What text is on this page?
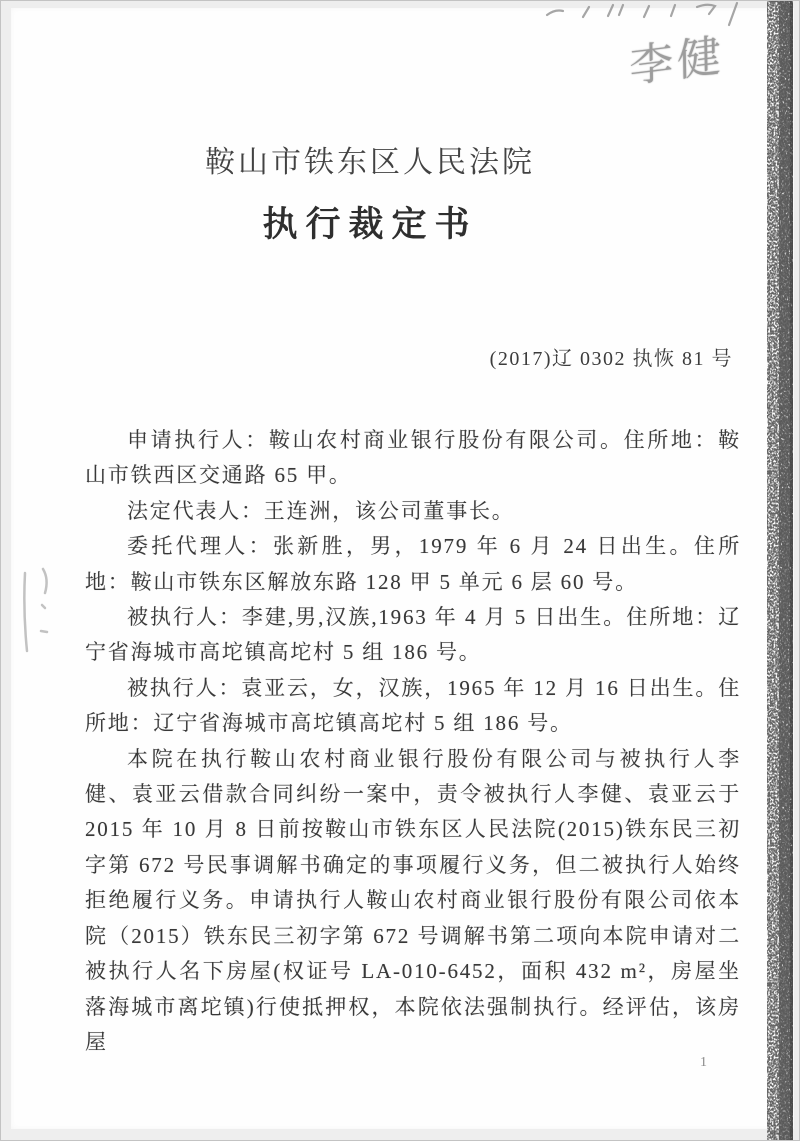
李健
鞍山市铁东区人民法院
执行裁定书
(2017)辽 0302 执恢 81 号

申请执行人：鞍山农村商业银行股份有限公司。住所地：鞍山市铁西区交通路 65 甲。

法定代表人：王连洲，该公司董事长。

委托代理人：张新胜，男，1979 年 6 月 24 日出生。住所地：鞍山市铁东区解放东路 128 甲 5 单元 6 层 60 号。

被执行人：李建,男,汉族,1963 年 4 月 5 日出生。住所地：辽宁省海城市高坨镇高坨村 5 组 186 号。

被执行人：袁亚云，女，汉族，1965 年 12 月 16 日出生。住所地：辽宁省海城市高坨镇高坨村 5 组 186 号。

本院在执行鞍山农村商业银行股份有限公司与被执行人李健、袁亚云借款合同纠纷一案中，责令被执行人李健、袁亚云于 2015 年 10 月 8 日前按鞍山市铁东区人民法院(2015)铁东民三初字第 672 号民事调解书确定的事项履行义务，但二被执行人始终拒绝履行义务。申请执行人鞍山农村商业银行股份有限公司依本院（2015）铁东民三初字第 672 号调解书第二项向本院申请对二被执行人名下房屋(权证号 LA-010-6452，面积 432 m²，房屋坐落海城市离坨镇)行使抵押权，本院依法强制执行。经评估，该房屋

1
